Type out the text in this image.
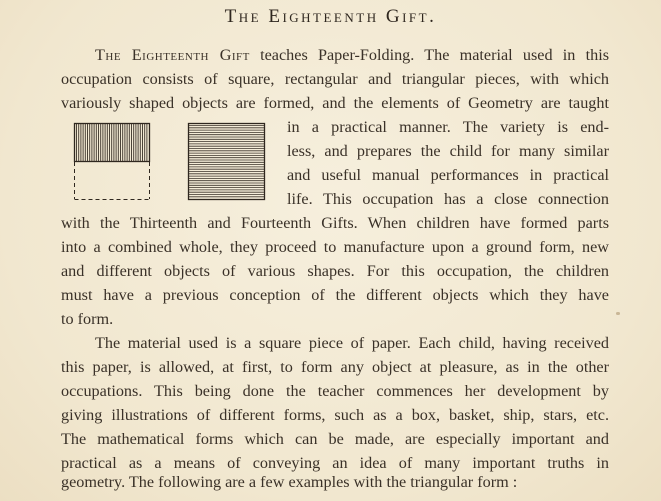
The Eighteenth Gift.
The Eighteenth Gift teaches Paper-Folding. The material used in this
occupation consists of square, rectangular and triangular pieces, with which
variously shaped objects are formed, and the elements of Geometry are taught
in a practical manner. The variety is end-
less, and prepares the child for many similar
and useful manual performances in practical
life. This occupation has a close connection
with the Thirteenth and Fourteenth Gifts. When children have formed parts
into a combined whole, they proceed to manufacture upon a ground form, new
and different objects of various shapes. For this occupation, the children
must have a previous conception of the different objects which they have
to form.
The material used is a square piece of paper. Each child, having received
this paper, is allowed, at first, to form any object at pleasure, as in the other
occupations. This being done the teacher commences her development by
giving illustrations of different forms, such as a box, basket, ship, stars, etc.
The mathematical forms which can be made, are especially important and
practical as a means of conveying an idea of many important truths in
geometry. The following are a few examples with the triangular form :
